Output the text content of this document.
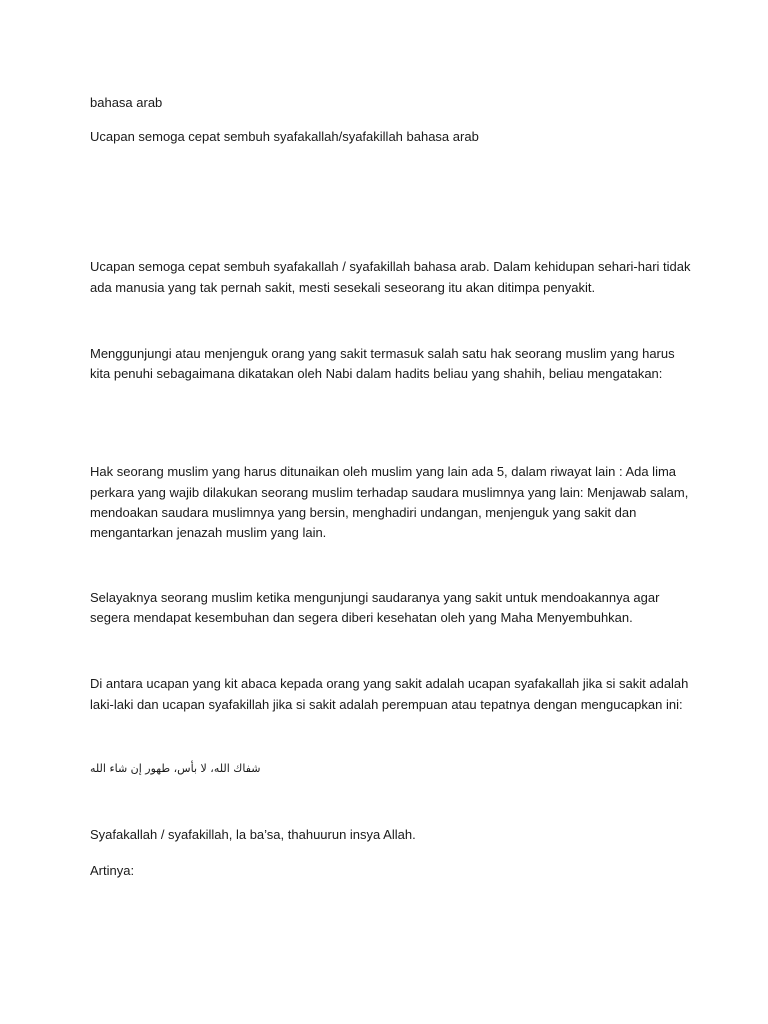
bahasa arab
Ucapan semoga cepat sembuh syafakallah/syafakillah bahasa arab
Ucapan semoga cepat sembuh syafakallah / syafakillah bahasa arab. Dalam kehidupan sehari-hari tidak
ada manusia yang tak pernah sakit, mesti sesekali seseorang itu akan ditimpa penyakit.
Menggunjungi atau menjenguk orang yang sakit termasuk salah satu hak seorang muslim yang harus
kita penuhi sebagaimana dikatakan oleh Nabi dalam hadits beliau yang shahih, beliau mengatakan:
Hak seorang muslim yang harus ditunaikan oleh muslim yang lain ada 5, dalam riwayat lain : Ada lima
perkara yang wajib dilakukan seorang muslim terhadap saudara muslimnya yang lain: Menjawab salam,
mendoakan saudara muslimnya yang bersin, menghadiri undangan, menjenguk yang sakit dan
mengantarkan jenazah muslim yang lain.
Selayaknya seorang muslim ketika mengunjungi saudaranya yang sakit untuk mendoakannya agar
segera mendapat kesembuhan dan segera diberi kesehatan oleh yang Maha Menyembuhkan.
Di antara ucapan yang kit abaca kepada orang yang sakit adalah ucapan syafakallah jika si sakit adalah
laki-laki dan ucapan syafakillah jika si sakit adalah perempuan atau tepatnya dengan mengucapkan ini:
شفاك الله، لا بأس، طهور إن شاء الله
Syafakallah / syafakillah, la ba’sa, thahuurun insya Allah.
Artinya:
